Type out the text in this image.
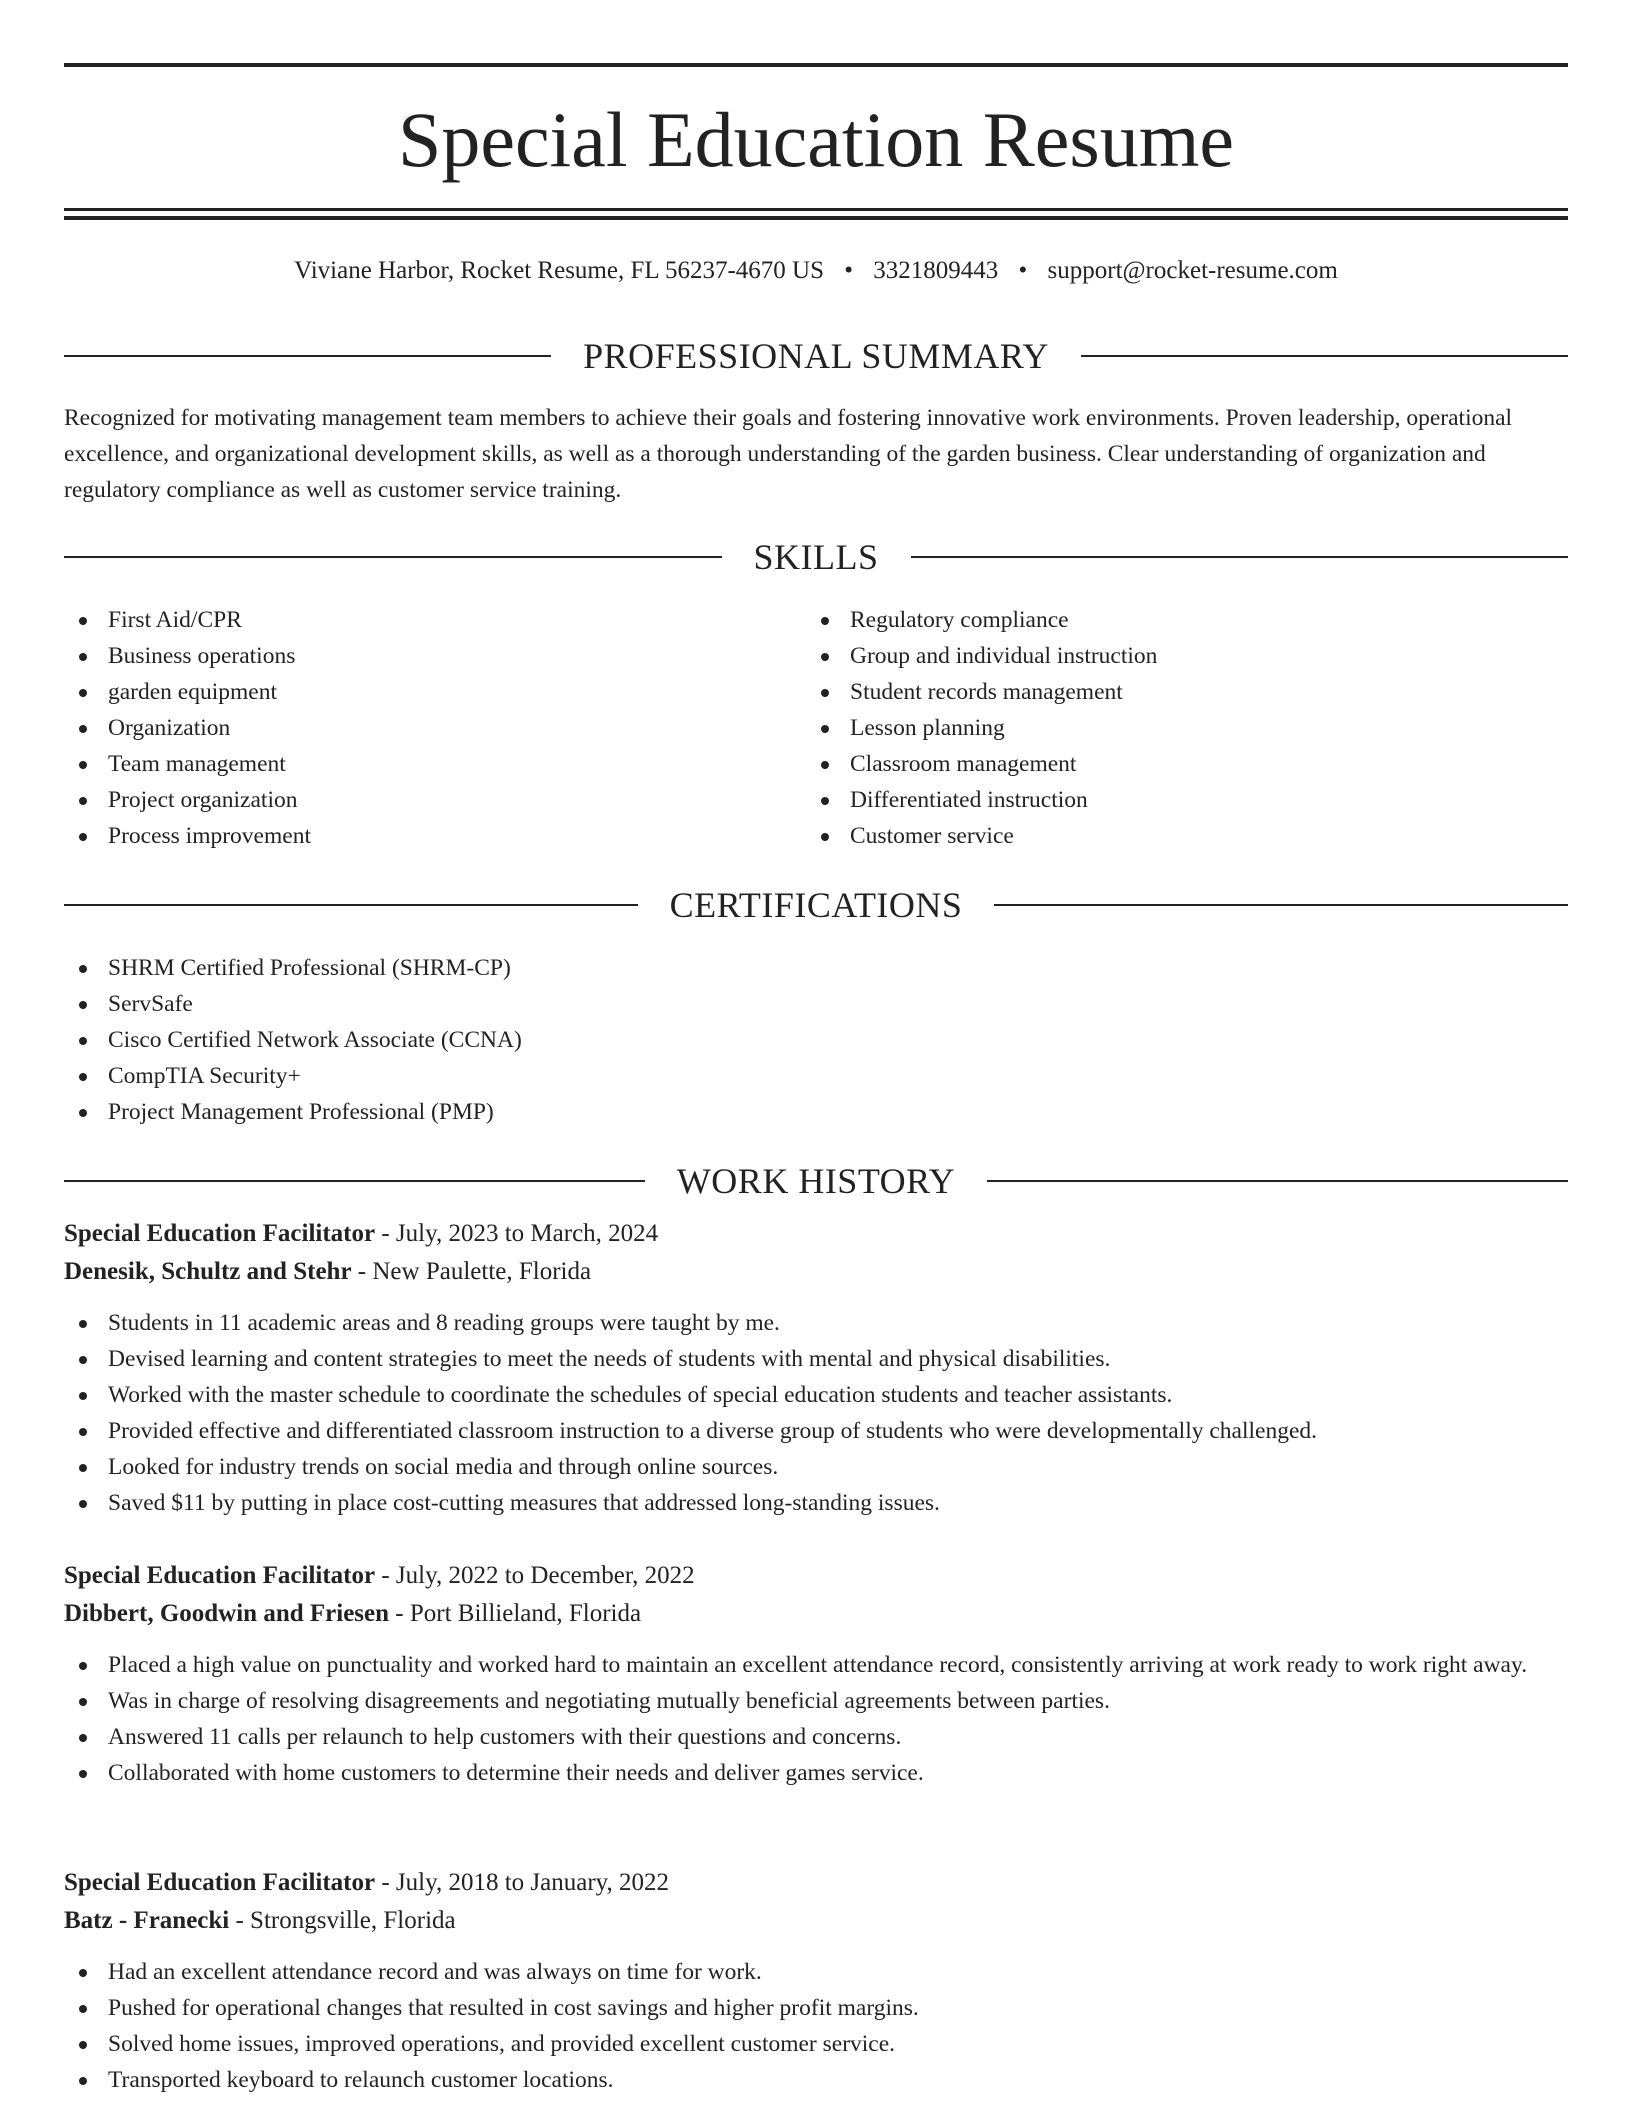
Special Education Resume
Viviane Harbor, Rocket Resume, FL 56237-4670 US • 3321809443 • support@rocket-resume.com
PROFESSIONAL SUMMARY

Recognized for motivating management team members to achieve their goals and fostering innovative work environments. Proven leadership, operational excellence, and organizational development skills, as well as a thorough understanding of the garden business. Clear understanding of organization and regulatory compliance as well as customer service training.

SKILLS
First Aid/CPR
Business operations
garden equipment
Organization
Team management
Project organization
Process improvement
Regulatory compliance
Group and individual instruction
Student records management
Lesson planning
Classroom management
Differentiated instruction
Customer service
CERTIFICATIONS
SHRM Certified Professional (SHRM-CP)
ServSafe
Cisco Certified Network Associate (CCNA)
CompTIA Security+
Project Management Professional (PMP)
WORK HISTORY
Special Education Facilitator - July, 2023 to March, 2024
Denesik, Schultz and Stehr - New Paulette, Florida
Students in 11 academic areas and 8 reading groups were taught by me.
Devised learning and content strategies to meet the needs of students with mental and physical disabilities.
Worked with the master schedule to coordinate the schedules of special education students and teacher assistants.
Provided effective and differentiated classroom instruction to a diverse group of students who were developmentally challenged.
Looked for industry trends on social media and through online sources.
Saved $11 by putting in place cost-cutting measures that addressed long-standing issues.
Special Education Facilitator - July, 2022 to December, 2022
Dibbert, Goodwin and Friesen - Port Billieland, Florida
Placed a high value on punctuality and worked hard to maintain an excellent attendance record, consistently arriving at work ready to work right away.
Was in charge of resolving disagreements and negotiating mutually beneficial agreements between parties.
Answered 11 calls per relaunch to help customers with their questions and concerns.
Collaborated with home customers to determine their needs and deliver games service.
Special Education Facilitator - July, 2018 to January, 2022
Batz - Franecki - Strongsville, Florida
Had an excellent attendance record and was always on time for work.
Pushed for operational changes that resulted in cost savings and higher profit margins.
Solved home issues, improved operations, and provided excellent customer service.
Transported keyboard to relaunch customer locations.
